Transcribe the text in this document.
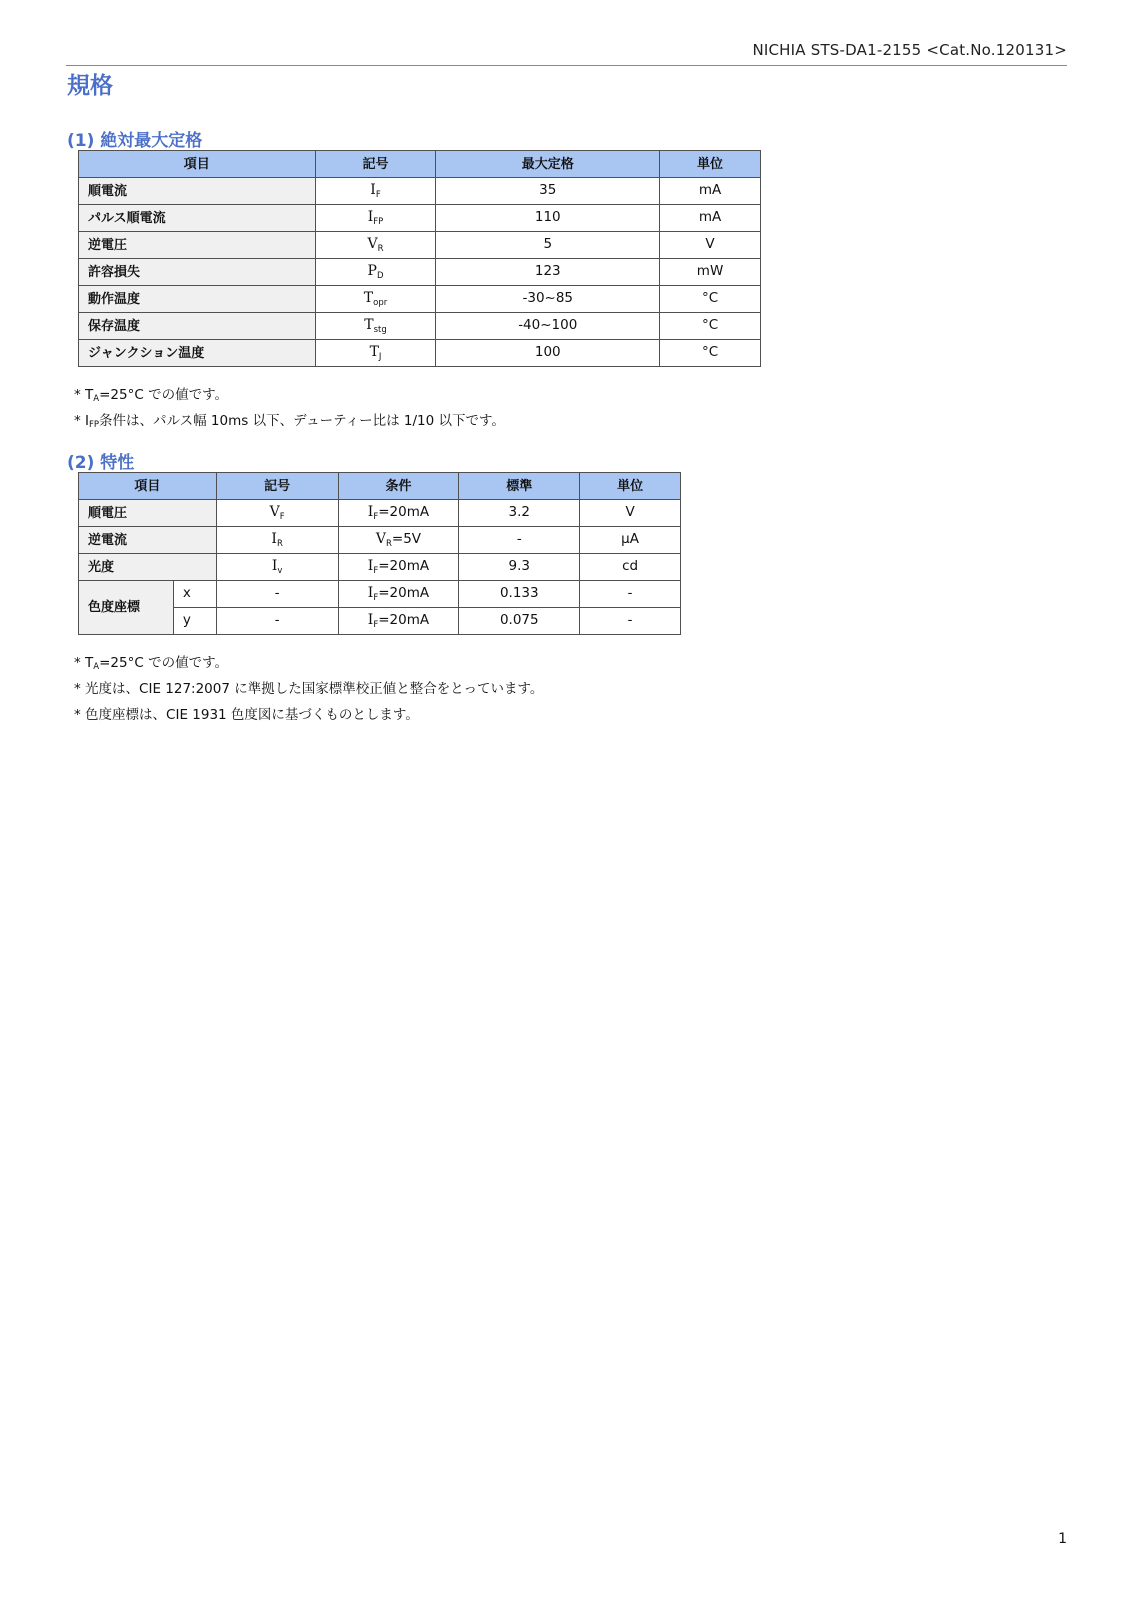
NICHIA STS-DA1-2155 <Cat.No.120131>
規格
(1) 絶対最大定格
項目	記号	最大定格	単位
順電流	$I_F$	35	mA
パルス順電流	$I_{FP}$	110	mA
逆電圧	$V_R$	5	V
許容損失	$P_D$	123	mW
動作温度	$T_{opr}$	-30~85	°C
保存温度	$T_{stg}$	-40~100	°C
ジャンクション温度	$T_J$	100	°C
* $T_A=25^\circ C$ での値です。
* $I_{FP}$条件は、パルス幅 10ms 以下、デューティー比は 1/10 以下です。
(2) 特性
項目		記号	条件	標準	単位
順電圧		$V_F$	$I_F=20mA$	3.2	V
逆電流		$I_R$	$V_R=5V$	-	μA
光度		$I_v$	$I_F=20mA$	9.3	cd
色度座標	x	-	$I_F=20mA$	0.133	-
	y	-	$I_F=20mA$	0.075	-
* $T_A=25^\circ C$ での値です。
* 光度は、CIE 127:2007 に準拠した国家標準校正値と整合をとっています。
* 色度座標は、CIE 1931 色度図に基づくものとします。
1
